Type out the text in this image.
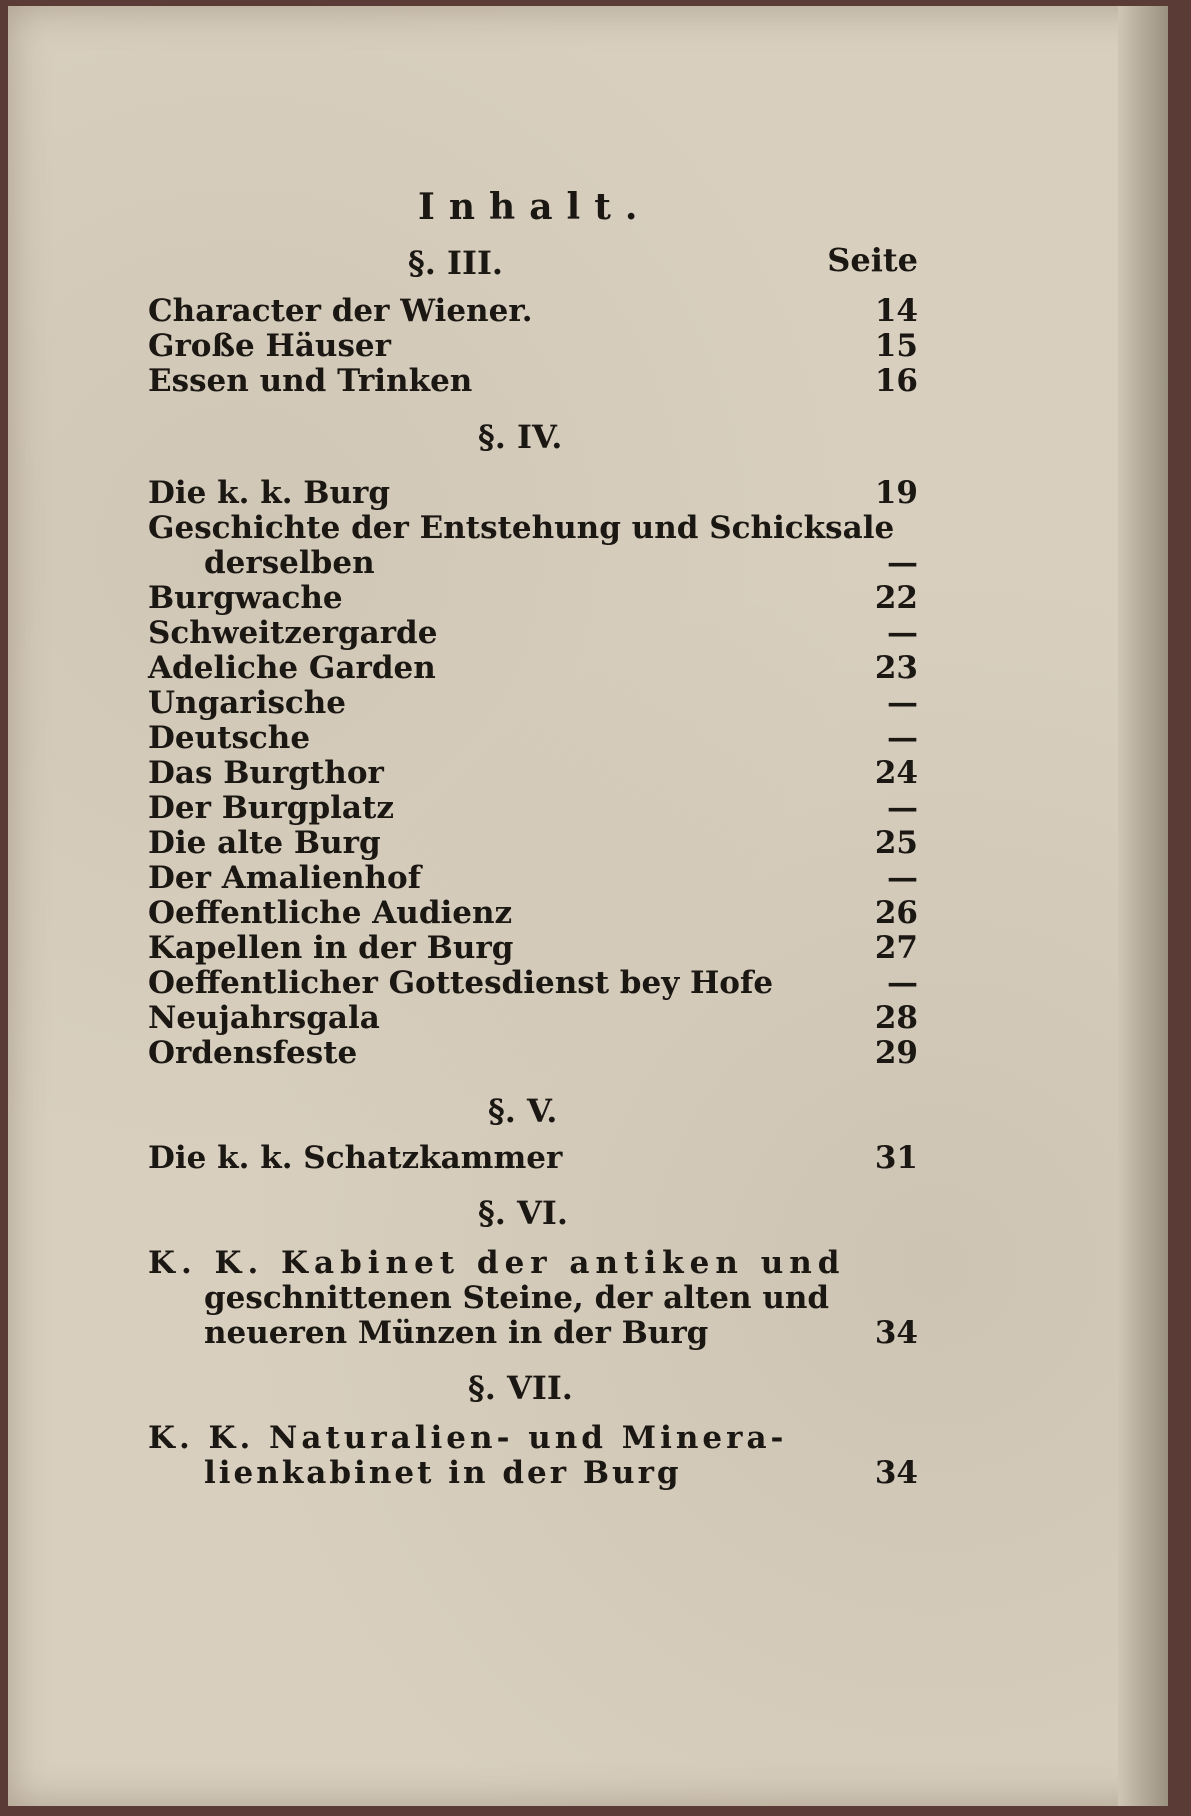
Inhalt.
Seite
§. III.
Character der Wiener.	14
Große Häuser	15
Essen und Trinken	16
§. IV.
Die k. k. Burg	19
Geschichte der Entstehung und Schicksale
derselben	—
Burgwache	22
Schweitzergarde	—
Adeliche Garden	23
Ungarische	—
Deutsche	—
Das Burgthor	24
Der Burgplatz	—
Die alte Burg	25
Der Amalienhof	—
Oeffentliche Audienz	26
Kapellen in der Burg	27
Oeffentlicher Gottesdienst bey Hofe	—
Neujahrsgala	28
Ordensfeste	29
§. V.
Die k. k. Schatzkammer	31
§. VI.
K. K. Kabinet der antiken und
geschnittenen Steine, der alten und
neueren Münzen in der Burg	34
§. VII.
K. K. Naturalien- und Minera-
lienkabinet in der Burg	34
